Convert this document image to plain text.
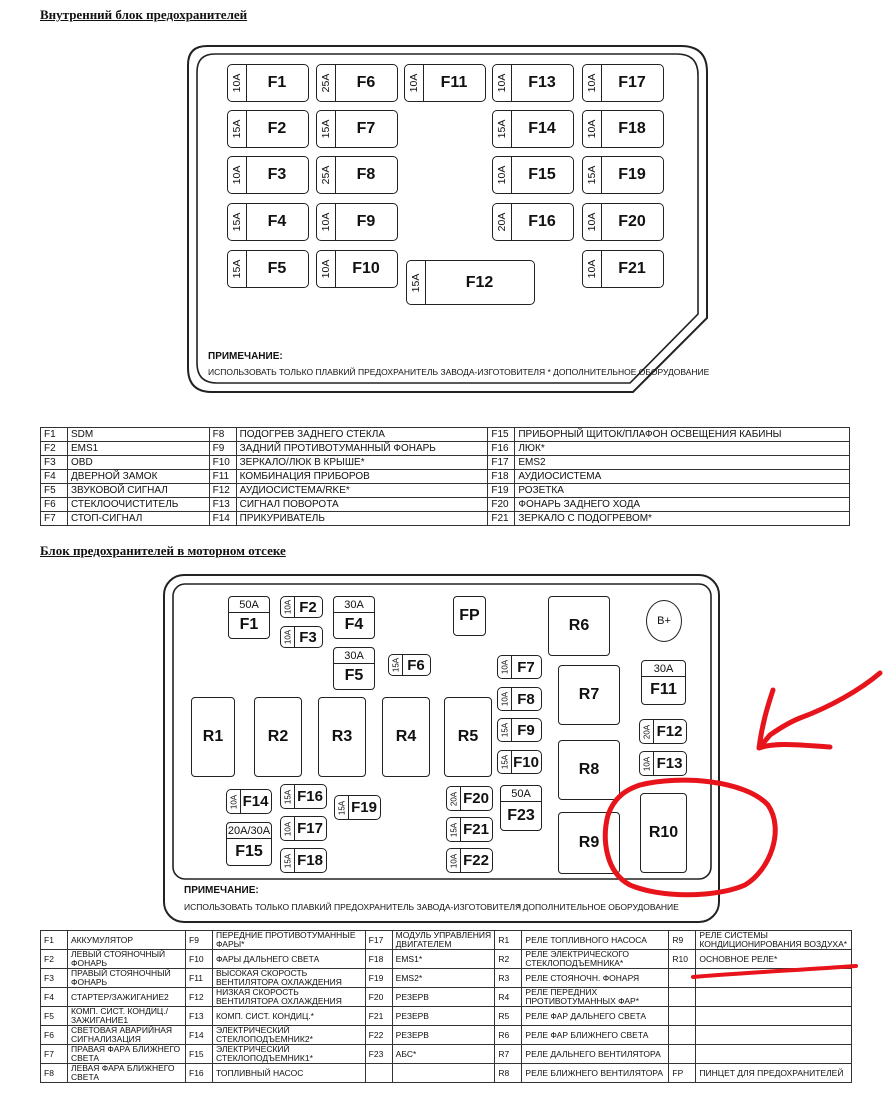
Внутренний блок предохранителей
Блок предохранителей в моторном отсеке
10A	F1
15A	F2
10A	F3
15A	F4
15A	F5
25A	F6
15A	F7
25A	F8
10A	F9
10A	F10
10A	F11
15A	F12
10A	F13
15A	F14
10A	F15
20A	F16
10A	F17
10A	F18
15A	F19
10A	F20
10A	F21
ПРИМЕЧАНИЕ:
ИСПОЛЬЗОВАТЬ ТОЛЬКО ПЛАВКИЙ ПРЕДОХРАНИТЕЛЬ ЗАВОДА-ИЗГОТОВИТЕЛЯ * ДОПОЛНИТЕЛЬНОЕ ОБОРУДОВАНИЕ
F1	SDM	F8	ПОДОГРЕВ ЗАДНЕГО СТЕКЛА	F15	ПРИБОРНЫЙ ЩИТОК/ПЛАФОН ОСВЕЩЕНИЯ КАБИНЫ
F2	EMS1	F9	ЗАДНИЙ ПРОТИВОТУМАННЫЙ ФОНАРЬ	F16	ЛЮК*
F3	OBD	F10	ЗЕРКАЛО/ЛЮК В КРЫШЕ*	F17	EMS2
F4	ДВЕРНОЙ ЗАМОК	F11	КОМБИНАЦИЯ ПРИБОРОВ	F18	АУДИОСИСТЕМА
F5	ЗВУКОВОЙ СИГНАЛ	F12	АУДИОСИСТЕМА/RKE*	F19	РОЗЕТКА
F6	СТЕКЛООЧИСТИТЕЛЬ	F13	СИГНАЛ ПОВОРОТА	F20	ФОНАРЬ ЗАДНЕГО ХОДА
F7	СТОП-СИГНАЛ	F14	ПРИКУРИВАТЕЛЬ	F21	ЗЕРКАЛО С ПОДОГРЕВОМ*
50A
F1
10A F2
10A F3
30A
F4
30A
F5
15A F6
FP
R1	R2	R3	R4	R5
10A F7
10A F8
15A F9
15A F10
R6
R7
R8
R9
R10
B+
30A
F11
20A F12
10A F13
10A F14
20A/30A
F15
15A F16
10A F17
15A F18
15A F19
20A F20
15A F21
10A F22
50A
F23
ПРИМЕЧАНИЕ:
ИСПОЛЬЗОВАТЬ ТОЛЬКО ПЛАВКИЙ ПРЕДОХРАНИТЕЛЬ ЗАВОДА-ИЗГОТОВИТЕЛЯ
* ДОПОЛНИТЕЛЬНОЕ ОБОРУДОВАНИЕ
F1	АККУМУЛЯТОР	F9	ПЕРЕДНИЕ ПРОТИВОТУМАННЫЕ ФАРЫ*	F17	МОДУЛЬ УПРАВЛЕНИЯ ДВИГАТЕЛЕМ	R1	РЕЛЕ ТОПЛИВНОГО НАСОСА	R9	РЕЛЕ СИСТЕМЫ КОНДИЦИОНИРОВАНИЯ ВОЗДУХА*
F2	ЛЕВЫЙ СТОЯНОЧНЫЙ ФОНАРЬ	F10	ФАРЫ ДАЛЬНЕГО СВЕТА	F18	EMS1*	R2	РЕЛЕ ЭЛЕКТРИЧЕСКОГО СТЕКЛОПОДЪЕМНИКА*	R10	ОСНОВНОЕ РЕЛЕ*
F3	ПРАВЫЙ СТОЯНОЧНЫЙ ФОНАРЬ	F11	ВЫСОКАЯ СКОРОСТЬ ВЕНТИЛЯТОРА ОХЛАЖДЕНИЯ	F19	EMS2*	R3	РЕЛЕ СТОЯНОЧН. ФОНАРЯ		
F4	СТАРТЕР/ЗАЖИГАНИЕ2	F12	НИЗКАЯ СКОРОСТЬ ВЕНТИЛЯТОРА ОХЛАЖДЕНИЯ	F20	РЕЗЕРВ	R4	РЕЛЕ ПЕРЕДНИХ ПРОТИВОТУМАННЫХ ФАР*		
F5	КОМП. СИСТ. КОНДИЦ./ЗАЖИГАНИЕ1	F13	КОМП. СИСТ. КОНДИЦ.*	F21	РЕЗЕРВ	R5	РЕЛЕ ФАР ДАЛЬНЕГО СВЕТА		
F6	СВЕТОВАЯ АВАРИЙНАЯ СИГНАЛИЗАЦИЯ	F14	ЭЛЕКТРИЧЕСКИЙ СТЕКЛОПОДЪЕМНИК2*	F22	РЕЗЕРВ	R6	РЕЛЕ ФАР БЛИЖНЕГО СВЕТА		
F7	ПРАВАЯ ФАРА БЛИЖНЕГО СВЕТА	F15	ЭЛЕКТРИЧЕСКИЙ СТЕКЛОПОДЪЕМНИК1*	F23	АБС*	R7	РЕЛЕ ДАЛЬНЕГО ВЕНТИЛЯТОРА		
F8	ЛЕВАЯ ФАРА БЛИЖНЕГО СВЕТА	F16	ТОПЛИВНЫЙ НАСОС			R8	РЕЛЕ БЛИЖНЕГО ВЕНТИЛЯТОРА	FP	ПИНЦЕТ ДЛЯ ПРЕДОХРАНИТЕЛЕЙ
